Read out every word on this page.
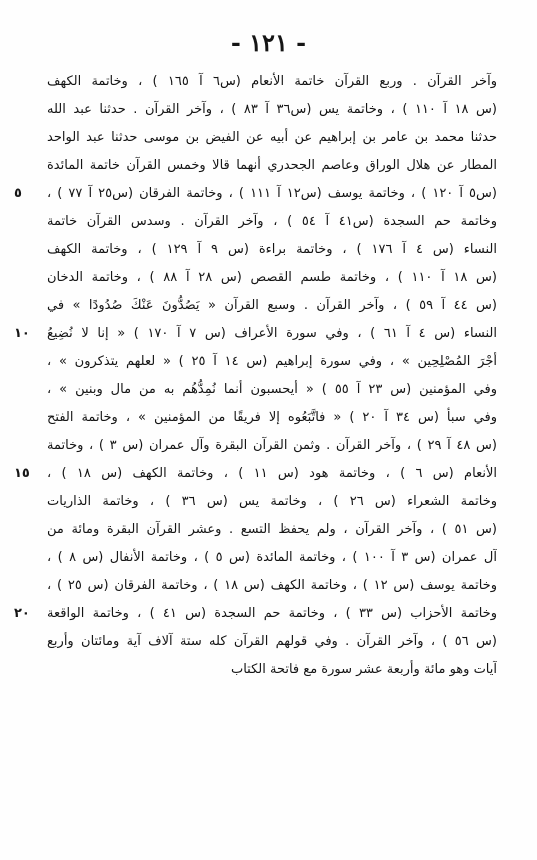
- ١٢١ -
وآخر القرآن . وربع القرآن خاتمة الأنعام (س٦ آ ١٦٥ ) ، وخاتمة الكهف
(س ١٨ آ ١١٠ ) ، وخاتمة يس (س٣٦ آ ٨٣ ) ، وآخر القرآن . حدثنا عبد الله
حدثنا محمد بن عامر بن إبراهيم عن أبيه عن الفيض بن موسى حدثنا عبد الواحد
المطار عن هلال الوراق وعاصم الجحدري أنهما قالا وخمس القرآن خاتمة المائدة
(س٥ آ ١٢٠ ) ، وخاتمة يوسف (س١٢ آ ١١١ ) ، وخاتمة الفرقان (س٢٥ آ ٧٧ ) ،
٥
وخاتمة حم السجدة (س٤١ آ ٥٤ ) ، وآخر القرآن . وسدس القرآن خاتمة
النساء (س ٤ آ ١٧٦ ) ، وخاتمة براءة (س ٩ آ ١٢٩ ) ، وخاتمة الكهف
(س ١٨ آ ١١٠ ) ، وخاتمة طسم القصص (س ٢٨ آ ٨٨ ) ، وخاتمة الدخان
(س ٤٤ آ ٥٩ ) ، وآخر القرآن . وسبع القرآن « يَصُدُّونَ عَنْكَ صُدُودًا » في
النساء (س ٤ آ ٦١ ) ، وفي سورة الأعراف (س ٧ آ ١٧٠ ) « إنا لا نُضِيعُ
١٠
أجْرَ المُصْلِحِين » ، وفي سورة إبراهيم (س ١٤ آ ٢٥ ) « لعلهم يتذكرون » ،
وفي المؤمنين (س ٢٣ آ ٥٥ ) « أيحسبون أنما نُمِدُّهُم به من مال وبنين » ،
وفي سبأ (س ٣٤ آ ٢٠ ) « فاتَّبَعُوه إلا فريقًا من المؤمنين » ، وخاتمة الفتح
(س ٤٨ آ ٢٩ ) ، وآخر القرآن . وثمن القرآن البقرة وآل عمران (س ٣ ) ، وخاتمة
الأنعام (س ٦ ) ، وخاتمة هود (س ١١ ) ، وخاتمة الكهف (س ١٨ ) ،
١٥
وخاتمة الشعراء (س ٢٦ ) ، وخاتمة يس (س ٣٦ ) ، وخاتمة الذاريات
(س ٥١ ) ، وآخر القرآن ، ولم يحفظ التسع . وعشر القرآن البقرة ومائة من
آل عمران (س ٣ آ ١٠٠ ) ، وخاتمة المائدة (س ٥ ) ، وخاتمة الأنفال (س ٨ ) ،
وخاتمة يوسف (س ١٢ ) ، وخاتمة الكهف (س ١٨ ) ، وخاتمة الفرقان (س ٢٥ ) ،
وخاتمة الأحزاب (س ٣٣ ) ، وخاتمة حم السجدة (س ٤١ ) ، وخاتمة الواقعة
٢٠
(س ٥٦ ) ، وآخر القرآن . وفي قولهم القرآن كله ستة آلاف آية ومائتان وأربع
آيات وهو مائة وأربعة عشر سورة مع فاتحة الكتاب
